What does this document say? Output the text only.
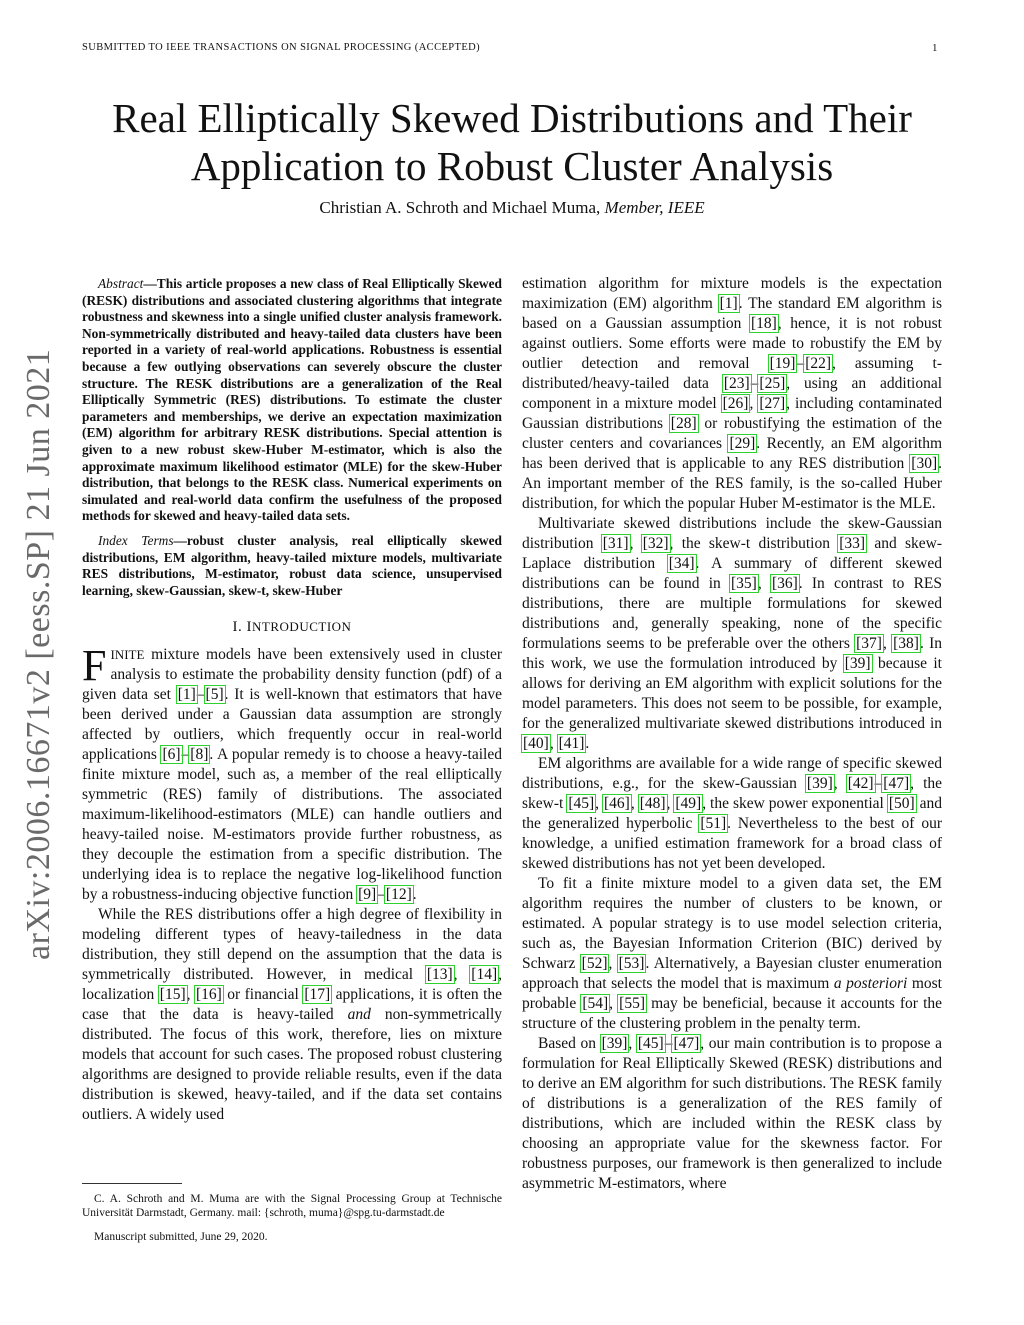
SUBMITTED TO IEEE TRANSACTIONS ON SIGNAL PROCESSING (ACCEPTED)	1
Real Elliptically Skewed Distributions and Their
Application to Robust Cluster Analysis
Christian A. Schroth and Michael Muma, Member, IEEE
arXiv:2006.16671v2 [eess.SP] 21 Jun 2021

Abstract—This article proposes a new class of Real Elliptically Skewed (RESK) distributions and associated clustering algorithms that integrate robustness and skewness into a single unified cluster analysis framework. Non-symmetrically distributed and heavy-tailed data clusters have been reported in a variety of real-world applications. Robustness is essential because a few outlying observations can severely obscure the cluster structure. The RESK distributions are a generalization of the Real Elliptically Symmetric (RES) distributions. To estimate the cluster parameters and memberships, we derive an expectation maximization (EM) algorithm for arbitrary RESK distributions. Special attention is given to a new robust skew-Huber M-estimator, which is also the approximate maximum likelihood estimator (MLE) for the skew-Huber distribution, that belongs to the RESK class. Numerical experiments on simulated and real-world data confirm the usefulness of the proposed methods for skewed and heavy-tailed data sets.

Index Terms—robust cluster analysis, real elliptically skewed distributions, EM algorithm, heavy-tailed mixture models, multivariate RES distributions, M-estimator, robust data science, unsupervised learning, skew-Gaussian, skew-t, skew-Huber

I. INTRODUCTION

FINITE mixture models have been extensively used in cluster analysis to estimate the probability density function (pdf) of a given data set [1]–[5]. It is well-known that estimators that have been derived under a Gaussian data assumption are strongly affected by outliers, which frequently occur in real-world applications [6]–[8]. A popular remedy is to choose a heavy-tailed finite mixture model, such as, a member of the real elliptically symmetric (RES) family of distributions. The associated maximum-likelihood-estimators (MLE) can handle outliers and heavy-tailed noise. M-estimators provide further robustness, as they decouple the estimation from a specific distribution. The underlying idea is to replace the negative log-likelihood function by a robustness-inducing objective function [9]–[12].

While the RES distributions offer a high degree of flexibility in modeling different types of heavy-tailedness in the data distribution, they still depend on the assumption that the data is symmetrically distributed. However, in medical [13], [14], localization [15], [16] or financial [17] applications, it is often the case that the data is heavy-tailed and non-symmetrically distributed. The focus of this work, therefore, lies on mixture models that account for such cases. The proposed robust clustering algorithms are designed to provide reliable results, even if the data distribution is skewed, heavy-tailed, and if the data set contains outliers. A widely used

C. A. Schroth and M. Muma are with the Signal Processing Group at Technische Universität Darmstadt, Germany. mail: {schroth, muma}@spg.tu-darmstadt.de

Manuscript submitted, June 29, 2020.

estimation algorithm for mixture models is the expectation maximization (EM) algorithm [1]. The standard EM algorithm is based on a Gaussian assumption [18], hence, it is not robust against outliers. Some efforts were made to robustify the EM by outlier detection and removal [19]–[22], assuming t-distributed/heavy-tailed data [23]–[25], using an additional component in a mixture model [26], [27], including contaminated Gaussian distributions [28] or robustifying the estimation of the cluster centers and covariances [29]. Recently, an EM algorithm has been derived that is applicable to any RES distribution [30]. An important member of the RES family, is the so-called Huber distribution, for which the popular Huber M-estimator is the MLE.

Multivariate skewed distributions include the skew-Gaussian distribution [31], [32], the skew-t distribution [33] and skew-Laplace distribution [34]. A summary of different skewed distributions can be found in [35], [36]. In contrast to RES distributions, there are multiple formulations for skewed distributions and, generally speaking, none of the specific formulations seems to be preferable over the others [37], [38]. In this work, we use the formulation introduced by [39] because it allows for deriving an EM algorithm with explicit solutions for the model parameters. This does not seem to be possible, for example, for the generalized multivariate skewed distributions introduced in [40], [41].

EM algorithms are available for a wide range of specific skewed distributions, e.g., for the skew-Gaussian [39], [42]–[47], the skew-t [45], [46], [48], [49], the skew power exponential [50] and the generalized hyperbolic [51]. Nevertheless to the best of our knowledge, a unified estimation framework for a broad class of skewed distributions has not yet been developed.

To fit a finite mixture model to a given data set, the EM algorithm requires the number of clusters to be known, or estimated. A popular strategy is to use model selection criteria, such as, the Bayesian Information Criterion (BIC) derived by Schwarz [52], [53]. Alternatively, a Bayesian cluster enumeration approach that selects the model that is maximum a posteriori most probable [54], [55] may be beneficial, because it accounts for the structure of the clustering problem in the penalty term.

Based on [39], [45]–[47], our main contribution is to propose a formulation for Real Elliptically Skewed (RESK) distributions and to derive an EM algorithm for such distributions. The RESK family of distributions is a generalization of the RES family of distributions, which are included within the RESK class by choosing an appropriate value for the skewness factor. For robustness purposes, our framework is then generalized to include asymmetric M-estimators, where
